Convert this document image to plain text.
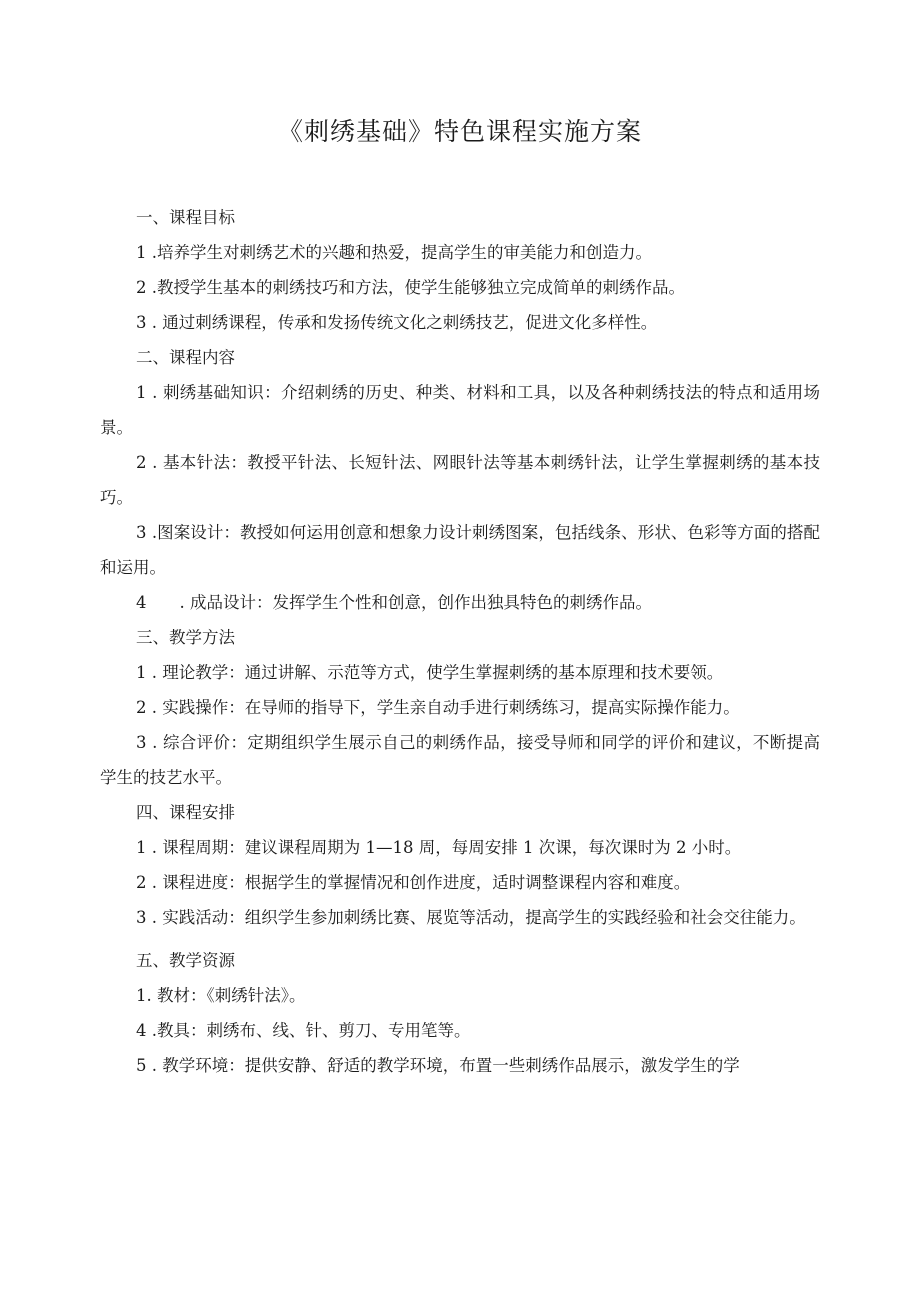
《刺绣基础》特色课程实施方案

一、课程目标

1 .培养学生对刺绣艺术的兴趣和热爱，提高学生的审美能力和创造力。

2 .教授学生基本的刺绣技巧和方法，使学生能够独立完成简单的刺绣作品。

3 . 通过刺绣课程，传承和发扬传统文化之刺绣技艺，促进文化多样性。

二、课程内容

1 . 刺绣基础知识：介绍刺绣的历史、种类、材料和工具，以及各种刺绣技法的特点和适用场景。

2 . 基本针法：教授平针法、长短针法、网眼针法等基本刺绣针法，让学生掌握刺绣的基本技巧。

3 .图案设计：教授如何运用创意和想象力设计刺绣图案，包括线条、形状、色彩等方面的搭配和运用。

4　　. 成品设计：发挥学生个性和创意，创作出独具特色的刺绣作品。

三、教学方法

1 . 理论教学：通过讲解、示范等方式，使学生掌握刺绣的基本原理和技术要领。

2 . 实践操作：在导师的指导下，学生亲自动手进行刺绣练习，提高实际操作能力。

3 . 综合评价：定期组织学生展示自己的刺绣作品，接受导师和同学的评价和建议，不断提高学生的技艺水平。

四、课程安排

1 . 课程周期：建议课程周期为 1—18 周，每周安排 1 次课，每次课时为 2 小时。

2 . 课程进度：根据学生的掌握情况和创作进度，适时调整课程内容和难度。

3 . 实践活动：组织学生参加刺绣比赛、展览等活动，提高学生的实践经验和社会交往能力。

五、教学资源

1. 教材：《刺绣针法》。

4 .教具：刺绣布、线、针、剪刀、专用笔等。

5 . 教学环境：提供安静、舒适的教学环境，布置一些刺绣作品展示，激发学生的学
